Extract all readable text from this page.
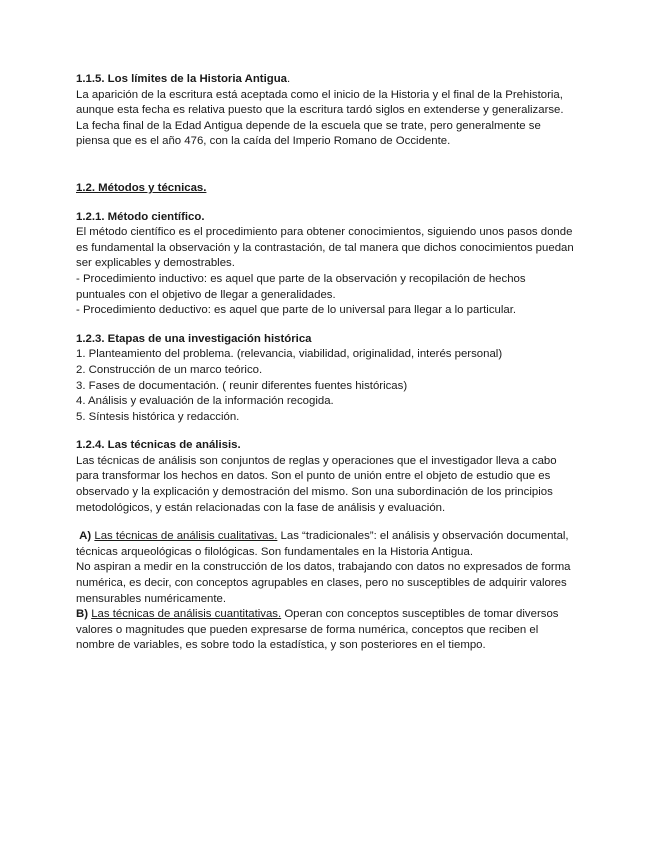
1.1.5. Los límites de la Historia Antigua.

La aparición de la escritura está aceptada como el inicio de la Historia y el final de la Prehistoria, aunque esta fecha es relativa puesto que la escritura tardó siglos en extenderse y generalizarse.

La fecha final de la Edad Antigua depende de la escuela que se trate, pero generalmente se piensa que es el año 476, con la caída del Imperio Romano de Occidente.

1.2. Métodos y técnicas.

1.2.1. Método científico.

El método científico es el procedimiento para obtener conocimientos, siguiendo unos pasos donde es fundamental la observación y la contrastación, de tal manera que dichos conocimientos puedan ser explicables y demostrables.

- Procedimiento inductivo: es aquel que parte de la observación y recopilación de hechos puntuales con el objetivo de llegar a generalidades.

- Procedimiento deductivo: es aquel que parte de lo universal para llegar a lo particular.

1.2.3. Etapas de una investigación histórica

1. Planteamiento del problema. (relevancia, viabilidad, originalidad, interés personal)

2. Construcción de un marco teórico.

3. Fases de documentación. ( reunir diferentes fuentes históricas)

4. Análisis y evaluación de la información recogida.

5. Síntesis histórica y redacción.

1.2.4. Las técnicas de análisis.

Las técnicas de análisis son conjuntos de reglas y operaciones que el investigador lleva a cabo para transformar los hechos en datos. Son el punto de unión entre el objeto de estudio que es observado y la explicación y demostración del mismo. Son una subordinación de los principios metodológicos, y están relacionadas con la fase de análisis y evaluación.

A) Las técnicas de análisis cualitativas. Las “tradicionales”: el análisis y observación documental, técnicas arqueológicas o filológicas. Son fundamentales en la Historia Antigua.

No aspiran a medir en la construcción de los datos, trabajando con datos no expresados de forma numérica, es decir, con conceptos agrupables en clases, pero no susceptibles de adquirir valores mensurables numéricamente.

B) Las técnicas de análisis cuantitativas. Operan con conceptos susceptibles de tomar diversos valores o magnitudes que pueden expresarse de forma numérica, conceptos que reciben el nombre de variables, es sobre todo la estadística, y son posteriores en el tiempo.
